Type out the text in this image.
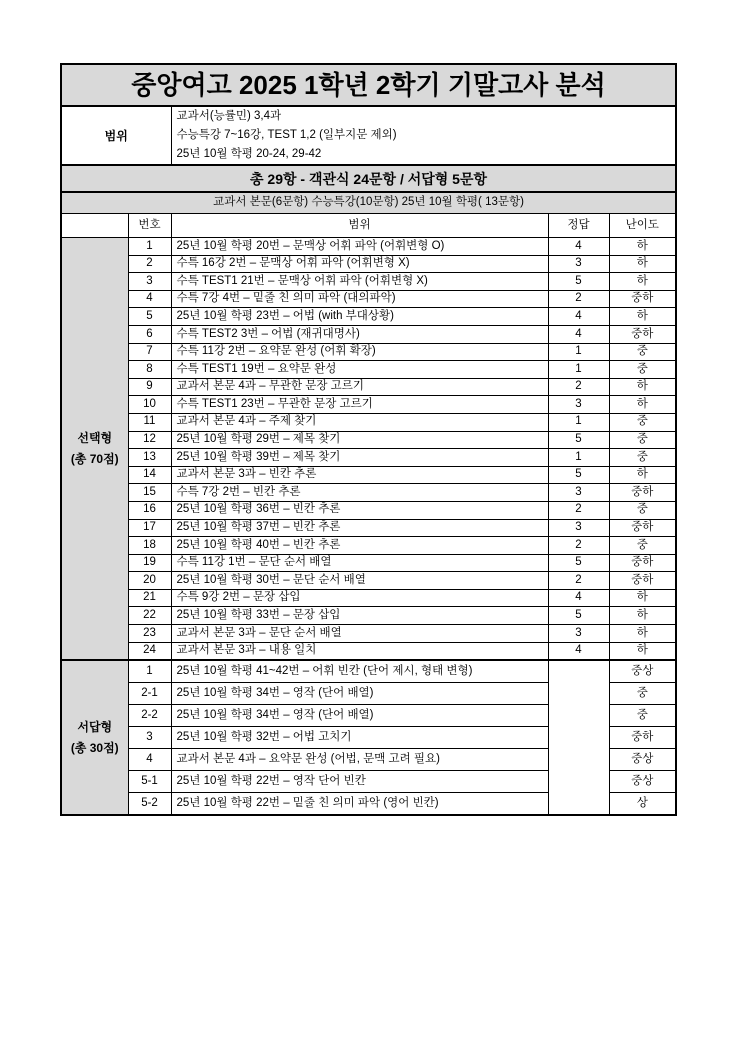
중앙여고 2025 1학년 2학기 기말고사 분석				
범위		교과서(능률민) 3,4과
수능특강 7~16강, TEST 1,2 (일부지문 제외)
25년 10월 학평 20-24, 29-42		

총 29항 - 객관식 24문항 / 서답형 5문항				
교과서 본문(6문항) 수능특강(10문항) 25년 10월 학평( 13문항)				
	번호	범위	정답	난이도

선택형
(총 70점)	1	25년 10월 학평 20번 – 문맥상 어휘 파악 (어휘변형 O)	4	하
	2	수특 16강 2번 – 문맥상 어휘 파악 (어휘변형 X)	3	하
	3	수특 TEST1 21번 – 문맥상 어휘 파악 (어휘변형 X)	5	하
	4	수특 7강 4번 – 밑줄 친 의미 파악 (대의파악)	2	중하
	5	25년 10월 학평 23번 – 어법 (with 부대상황)	4	하
	6	수특 TEST2 3번 – 어법 (재귀대명사)	4	중하
	7	수특 11강 2번 – 요약문 완성 (어휘 확장)	1	중
	8	수특 TEST1 19번 – 요약문 완성	1	중
	9	교과서 본문 4과 – 무관한 문장 고르기	2	하
	10	수특 TEST1 23번 – 무관한 문장 고르기	3	하
	11	교과서 본문 4과 – 주제 찾기	1	중
	12	25년 10월 학평 29번 – 제목 찾기	5	중
	13	25년 10월 학평 39번 – 제목 찾기	1	중
	14	교과서 본문 3과 – 빈칸 추론	5	하
	15	수특 7강 2번 – 빈칸 추론	3	중하
	16	25년 10월 학평 36번 – 빈칸 추론	2	중
	17	25년 10월 학평 37번 – 빈칸 추론	3	중하
	18	25년 10월 학평 40번 – 빈칸 추론	2	중
	19	수특 11강 1번 – 문단 순서 배열	5	중하
	20	25년 10월 학평 30번 – 문단 순서 배열	2	중하
	21	수특 9강 2번 – 문장 삽입	4	하
	22	25년 10월 학평 33번 – 문장 삽입	5	하
	23	교과서 본문 3과 – 문단 순서 배열	3	하
	24	교과서 본문 3과 – 내용 일치	4	하

서답형
(총 30점)	1	25년 10월 학평 41~42번 – 어휘 빈칸 (단어 제시, 형태 변형)		중상
	2-1	25년 10월 학평 34번 – 영작 (단어 배열)		중
	2-2	25년 10월 학평 34번 – 영작 (단어 배열)		중
	3	25년 10월 학평 32번 – 어법 고치기		중하
	4	교과서 본문 4과 – 요약문 완성 (어법, 문맥 고려 필요)		중상
	5-1	25년 10월 학평 22번 – 영작 단어 빈칸		중상
	5-2	25년 10월 학평 22번 – 밑줄 친 의미 파악 (영어 빈칸)		상
